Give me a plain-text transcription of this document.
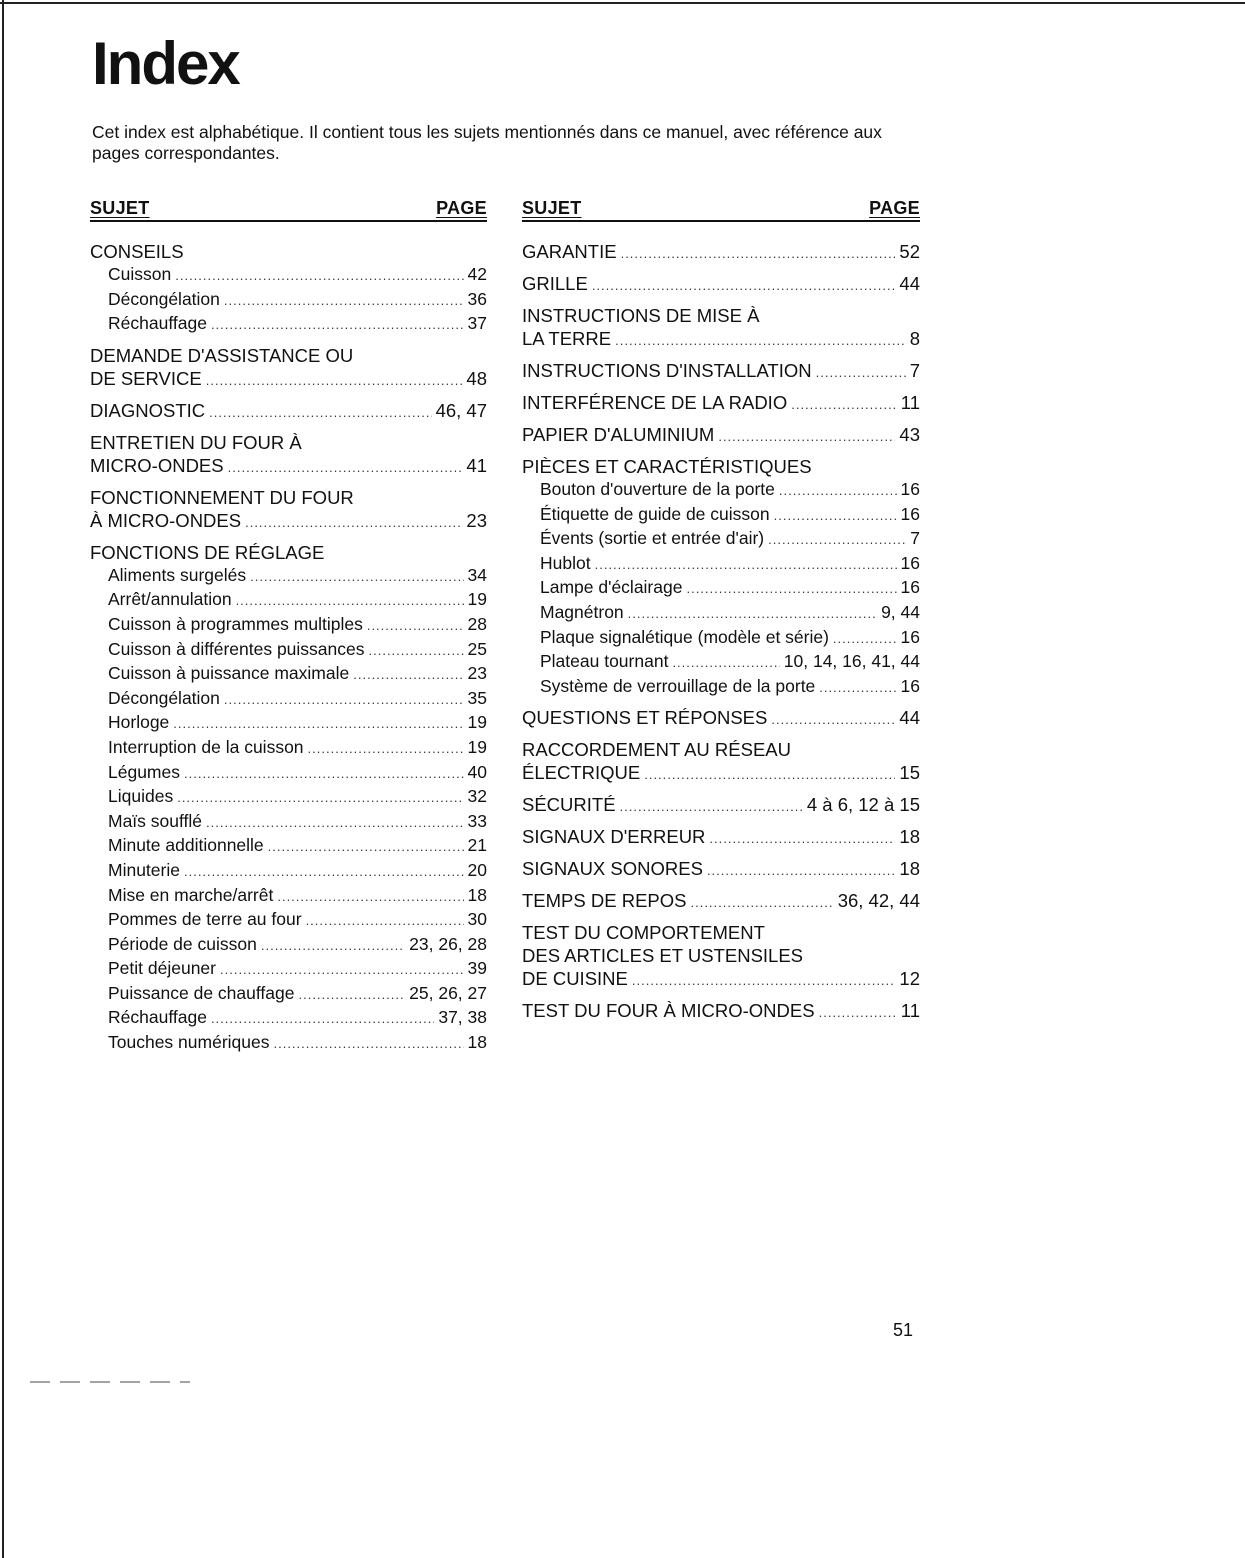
Index

Cet index est alphabétique. Il contient tous les sujets mentionnés dans ce manuel, avec référence aux pages correspondantes.

SUJET	PAGE
CONSEILS
Cuisson .....	42
Décongélation .....	36
Réchauffage .....	37
DEMANDE D'ASSISTANCE OU
DE SERVICE .....	48
DIAGNOSTIC .....	46, 47
ENTRETIEN DU FOUR À
MICRO-ONDES .....	41
FONCTIONNEMENT DU FOUR
À MICRO-ONDES .....	23
FONCTIONS DE RÉGLAGE
Aliments surgelés .....	34
Arrêt/annulation .....	19
Cuisson à programmes multiples .....	28
Cuisson à différentes puissances .....	25
Cuisson à puissance maximale .....	23
Décongélation .....	35
Horloge .....	19
Interruption de la cuisson .....	19
Légumes .....	40
Liquides .....	32
Maïs soufflé .....	33
Minute additionnelle .....	21
Minuterie .....	20
Mise en marche/arrêt .....	18
Pommes de terre au four .....	30
Période de cuisson .....	23, 26, 28
Petit déjeuner .....	39
Puissance de chauffage .....	25, 26, 27
Réchauffage .....	37, 38
Touches numériques .....	18
SUJET	PAGE
GARANTIE .....	52
GRILLE .....	44
INSTRUCTIONS DE MISE À
LA TERRE .....	8
INSTRUCTIONS D'INSTALLATION .....	7
INTERFÉRENCE DE LA RADIO .....	11
PAPIER D'ALUMINIUM .....	43
PIÈCES ET CARACTÉRISTIQUES
Bouton d'ouverture de la porte .....	16
Étiquette de guide de cuisson .....	16
Évents (sortie et entrée d'air) .....	7
Hublot .....	16
Lampe d'éclairage .....	16
Magnétron .....	9, 44
Plaque signalétique (modèle et série) .....	16
Plateau tournant .....	10, 14, 16, 41, 44
Système de verrouillage de la porte .....	16
QUESTIONS ET RÉPONSES .....	44
RACCORDEMENT AU RÉSEAU
ÉLECTRIQUE .....	15
SÉCURITÉ .....	4 à 6, 12 à 15
SIGNAUX D'ERREUR .....	18
SIGNAUX SONORES .....	18
TEMPS DE REPOS .....	36, 42, 44
TEST DU COMPORTEMENT
DES ARTICLES ET USTENSILES
DE CUISINE .....	12
TEST DU FOUR À MICRO-ONDES .....	11
51
